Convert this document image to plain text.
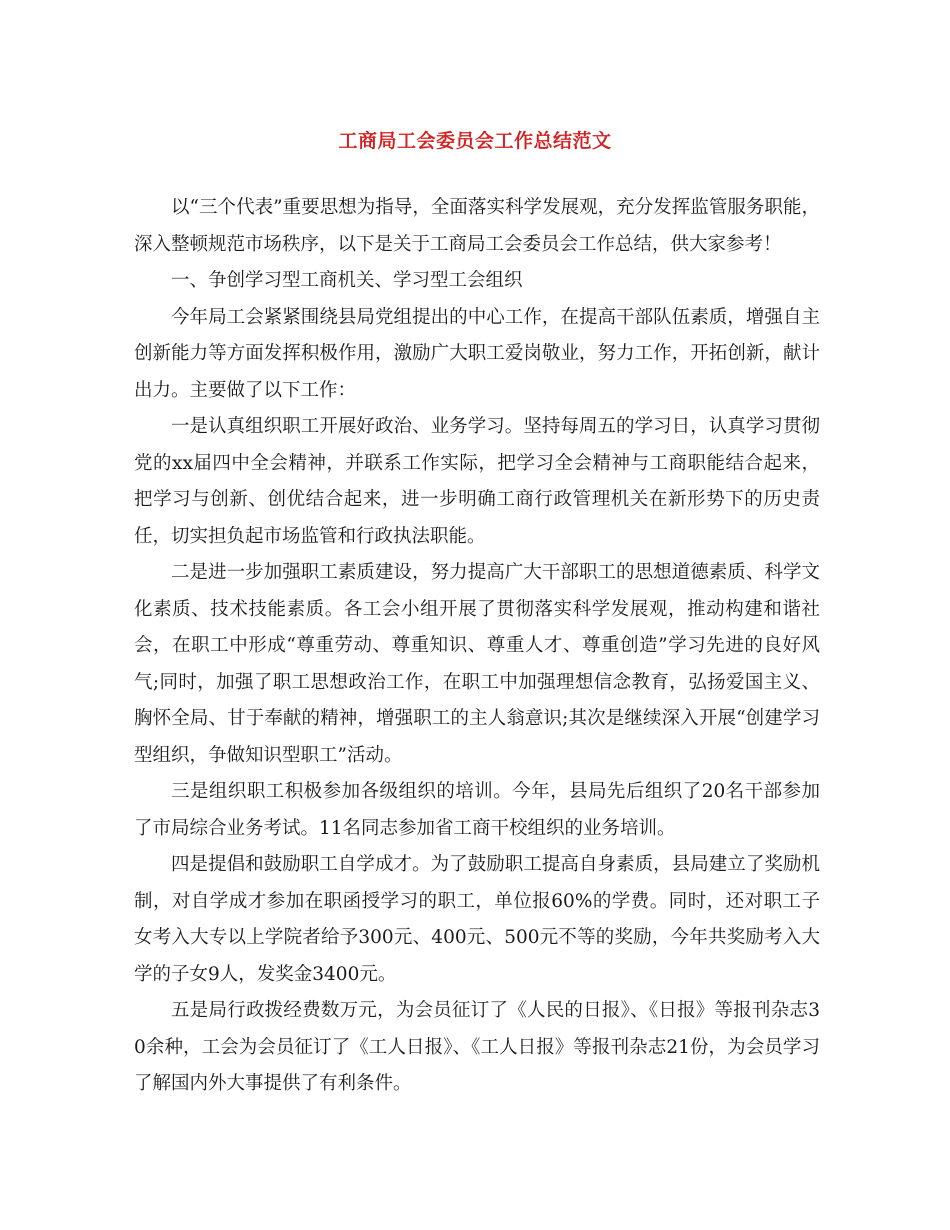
工商局工会委员会工作总结范文

以“三个代表”重要思想为指导，全面落实科学发展观，充分发挥监管服务职能，深入整顿规范市场秩序，以下是关于工商局工会委员会工作总结，供大家参考！

一、争创学习型工商机关、学习型工会组织

今年局工会紧紧围绕县局党组提出的中心工作，在提高干部队伍素质，增强自主创新能力等方面发挥积极作用，激励广大职工爱岗敬业，努力工作，开拓创新，献计出力。主要做了以下工作：

一是认真组织职工开展好政治、业务学习。坚持每周五的学习日，认真学习贯彻党的xx届四中全会精神，并联系工作实际，把学习全会精神与工商职能结合起来，把学习与创新、创优结合起来，进一步明确工商行政管理机关在新形势下的历史责任，切实担负起市场监管和行政执法职能。

二是进一步加强职工素质建设，努力提高广大干部职工的思想道德素质、科学文化素质、技术技能素质。各工会小组开展了贯彻落实科学发展观，推动构建和谐社会，在职工中形成“尊重劳动、尊重知识、尊重人才、尊重创造”学习先进的良好风气;同时，加强了职工思想政治工作，在职工中加强理想信念教育，弘扬爱国主义、胸怀全局、甘于奉献的精神，增强职工的主人翁意识;其次是继续深入开展“创建学习型组织，争做知识型职工”活动。

三是组织职工积极参加各级组织的培训。今年，县局先后组织了20名干部参加了市局综合业务考试。11名同志参加省工商干校组织的业务培训。

四是提倡和鼓励职工自学成才。为了鼓励职工提高自身素质，县局建立了奖励机制，对自学成才参加在职函授学习的职工，单位报60%的学费。同时，还对职工子女考入大专以上学院者给予300元、400元、500元不等的奖励，今年共奖励考入大学的子女9人，发奖金3400元。

五是局行政拨经费数万元，为会员征订了《人民的日报》、《日报》等报刊杂志30余种，工会为会员征订了《工人日报》、《工人日报》等报刊杂志21份，为会员学习了解国内外大事提供了有利条件。
